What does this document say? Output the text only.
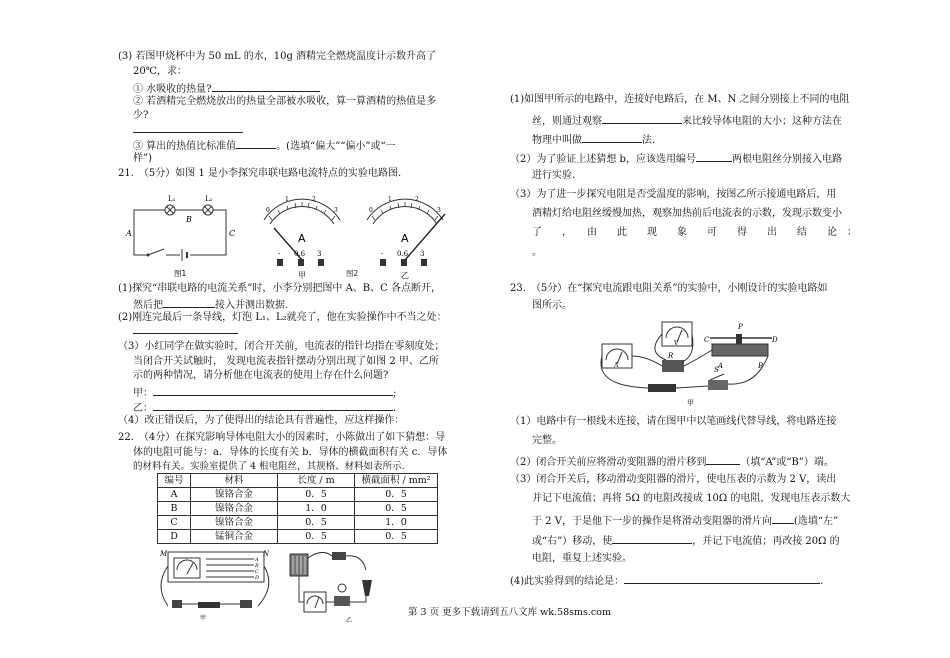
(3) 若图甲烧杯中为 50 mL 的水，10g 酒精完全燃烧温度计示数升高了
20℃，求：
① 水吸收的热量?
② 若酒精完全燃烧放出的热量全部被水吸收，算一算酒精的热值是多
少?
③ 算出的热值比标准值	。(选填“偏大”“偏小”或“一
样”)
21.　（5分）如图 1 是小李探究串联电路电流特点的实验电路图.
L₁	L₂
A
B
C
图1
0
1	2
3
A
- 0.6 3
甲
0
1	2
3
A
- 0.6 3
乙
图2
(1)探究“串联电路的电流关系”时，小李分别把图中 A、B、C 各点断开，
然后把	接入并测出数据.
(2)刚连完最后一条导线，灯泡 L₁、L₂就亮了，他在实验操作中不当之处：
（3）小红同学在做实验时，闭合开关前，电流表的指针均指在零刻度处；
当闭合开关试触时， 发现电流表指针摆动分别出现了如图 2 甲、乙所
示的两种情况，请分析他在电流表的使用上存在什么问题?
甲：	;
乙：	.
（4）改正错误后，为了使得出的结论具有普遍性，应这样操作：
22.　（4分）在探究影响导体电阻大小的因素时，小陈做出了如下猜想：导
体的电阻可能与：a．导体的长度有关 b．导体的横截面积有关 c．导体
的材料有关。实验室提供了 4 根电阻丝，其规格、材料如表所示.
编号	材料	长度 / m	横截面积 / mm²
A	镍铬合金	0．5	0．5
B	镍铬合金	1．0	0．5
C	镍铬合金	0．5	1．0
D	锰铜合金	0．5	0．5
M	N
A
B
C
D
甲	乙
第 3 页 更多下载请到五八文库 wk.58sms.com
(1)如图甲所示的电路中，连接好电路后，在 M、N 之间分别接上不同的电阻
丝，则通过观察	来比较导体电阻的大小；这种方法在
物理中叫做	法.
（2）为了验证上述猜想 b，应该选用编号	两根电阻丝分别接入电路
进行实验.
（3）为了进一步探究电阻是否受温度的影响，按图乙所示接通电路后，用
酒精灯给电阻丝缓慢加热，观察加热前后电流表的示数，发现示数变小
了　　，　　由　　此　　现　　象　　可　　得　　出　　结　　论　：
。
23.　（5分）在“探究电流跟电阻关系”的实验中，小刚设计的实验电路如
图所示。
A
V
R
P
C	D
A	B
S
甲
（1）电路中有一根线未连接，请在图甲中以笔画线代替导线，将电路连接
完整。
（2）闭合开关前应将滑动变阻器的滑片移到	（填“A”或“B”）端。
（3）闭合开关后，移动滑动变阻器的滑片，使电压表的示数为 2 V，读出
并记下电流值；再将 5Ω 的电阻改接成 10Ω 的电阻，发现电压表示数大
于 2 V，于是他下一步的操作是将滑动变阻器的滑片向 (选填“左”
或“右”）移动，使	，并记下电流值；再改接 20Ω 的
电阻，重复上述实验。
(4)此实验得到的结论是：	.
